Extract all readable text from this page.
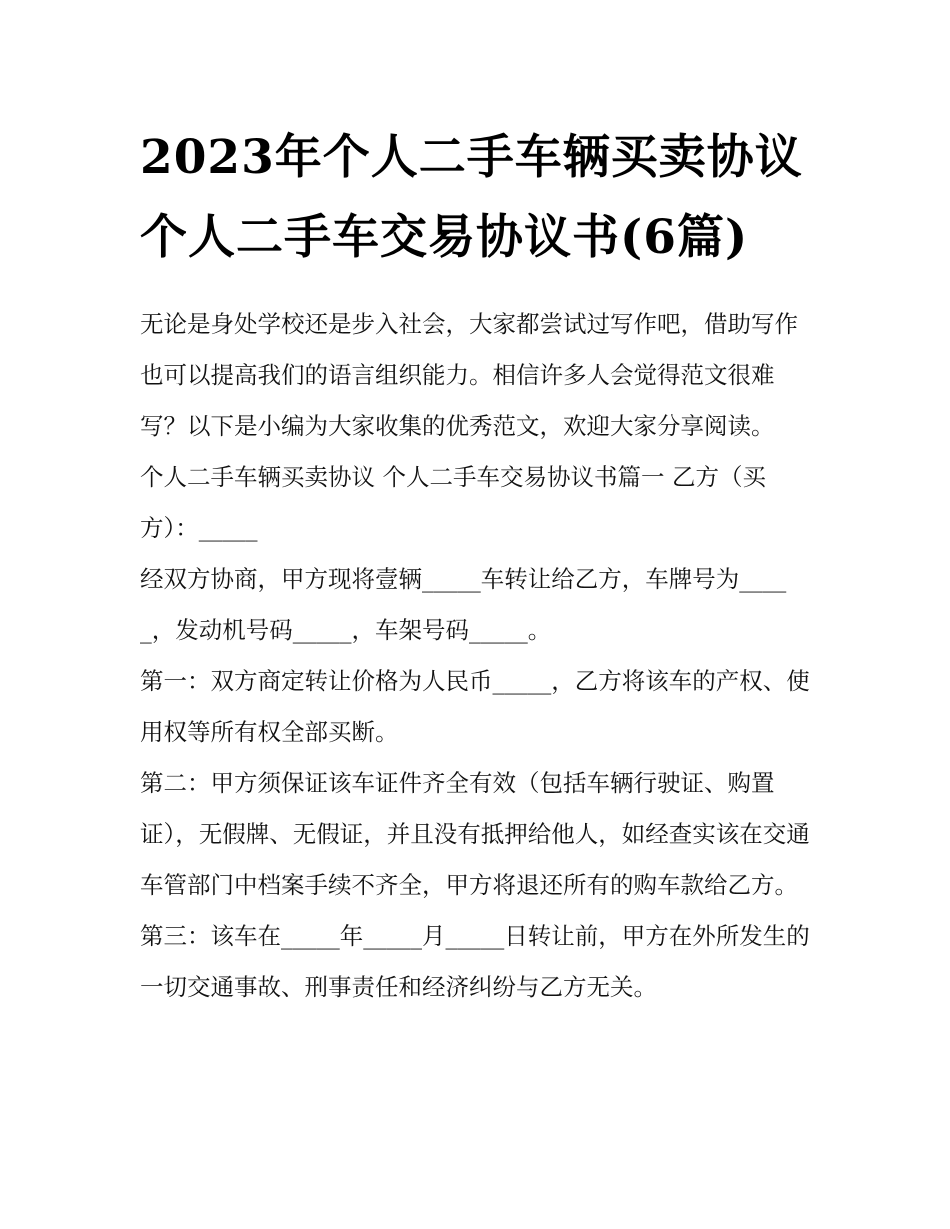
2023年个人二手车辆买卖协议
个人二手车交易协议书(6篇)

无论是身处学校还是步入社会，大家都尝试过写作吧，借助写作也可以提高我们的语言组织能力。相信许多人会觉得范文很难写？以下是小编为大家收集的优秀范文，欢迎大家分享阅读。

个人二手车辆买卖协议 个人二手车交易协议书篇一 乙方（买方）：_____

经双方协商，甲方现将壹辆_____车转让给乙方，车牌号为_____，发动机号码_____，车架号码_____。

第一：双方商定转让价格为人民币_____，乙方将该车的产权、使用权等所有权全部买断。

第二：甲方须保证该车证件齐全有效（包括车辆行驶证、购置证），无假牌、无假证，并且没有抵押给他人，如经查实该在交通车管部门中档案手续不齐全，甲方将退还所有的购车款给乙方。

第三：该车在_____年_____月_____日转让前，甲方在外所发生的一切交通事故、刑事责任和经济纠纷与乙方无关。
